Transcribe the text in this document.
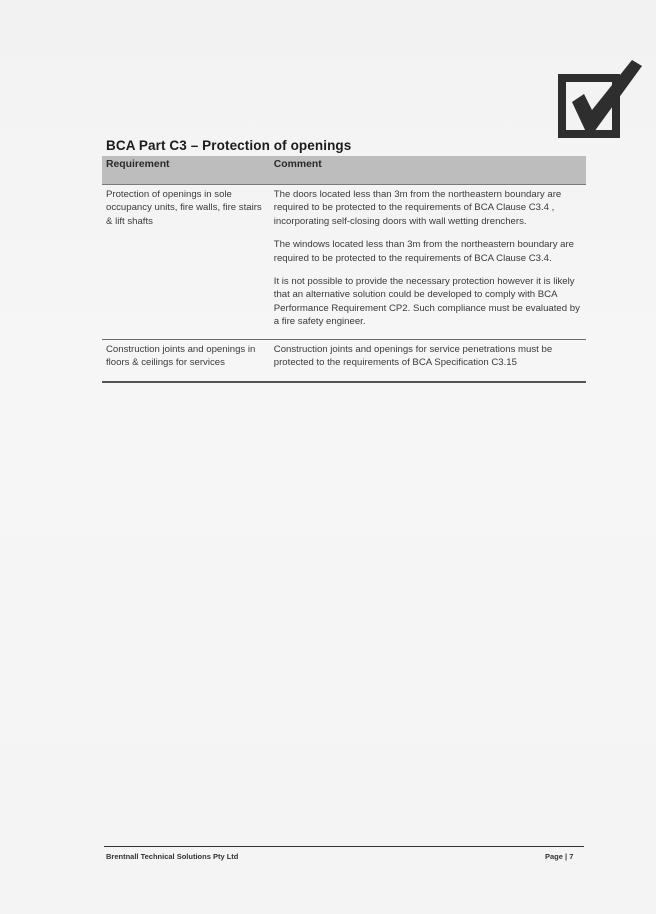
BCA Part C3 – Protection of openings
Requirement	Comment
Protection of openings in sole occupancy units, fire walls, fire stairs & lift shafts	The doors located less than 3m from the northeastern boundary are required to be protected to the requirements of BCA Clause C3.4 , incorporating self-closing doors with wall wetting drenchers.

The windows located less than 3m from the northeastern boundary are required to be protected to the requirements of BCA Clause C3.4.

It is not possible to provide the necessary protection however it is likely that an alternative solution could be developed to comply with BCA Performance Requirement CP2. Such compliance must be evaluated by a fire safety engineer.

Construction joints and openings in floors & ceilings for services	Construction joints and openings for service penetrations must be protected to the requirements of BCA Specification C3.15

Brentnall Technical Solutions Pty Ltd	Page | 7
